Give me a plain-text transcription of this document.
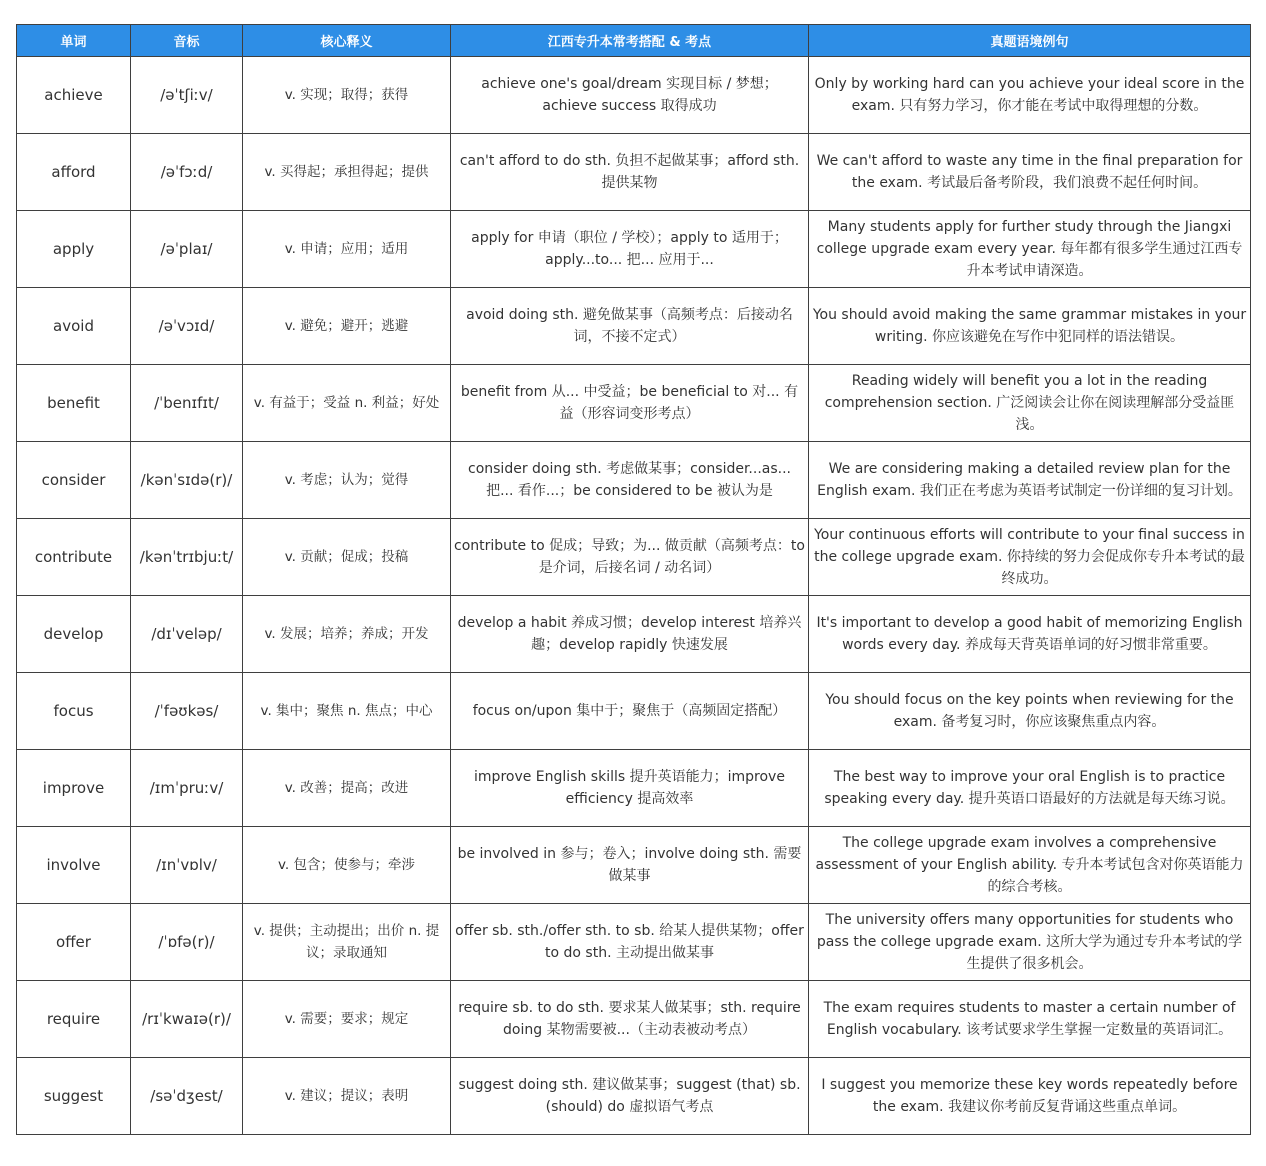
单词	音标	核心释义	江西专升本常考搭配 & 考点	真题语境例句
achieve	/əˈtʃiːv/	v. 实现；取得；获得	achieve one's goal/dream 实现目标 / 梦想；achieve success 取得成功	Only by working hard can you achieve your ideal score in the exam. 只有努力学习，你才能在考试中取得理想的分数。
afford	/əˈfɔːd/	v. 买得起；承担得起；提供	can't afford to do sth. 负担不起做某事；afford sth. 提供某物	We can't afford to waste any time in the final preparation for the exam. 考试最后备考阶段，我们浪费不起任何时间。
apply	/əˈplaɪ/	v. 申请；应用；适用	apply for 申请（职位 / 学校）；apply to 适用于；apply...to... 把... 应用于...	Many students apply for further study through the Jiangxi college upgrade exam every year. 每年都有很多学生通过江西专升本考试申请深造。
avoid	/əˈvɔɪd/	v. 避免；避开；逃避	avoid doing sth. 避免做某事（高频考点：后接动名词，不接不定式）	You should avoid making the same grammar mistakes in your writing. 你应该避免在写作中犯同样的语法错误。
benefit	/ˈbenɪfɪt/	v. 有益于；受益 n. 利益；好处	benefit from 从... 中受益；be beneficial to 对... 有益（形容词变形考点）	Reading widely will benefit you a lot in the reading comprehension section. 广泛阅读会让你在阅读理解部分受益匪浅。
consider	/kənˈsɪdə(r)/	v. 考虑；认为；觉得	consider doing sth. 考虑做某事；consider...as... 把... 看作...；be considered to be 被认为是	We are considering making a detailed review plan for the English exam. 我们正在考虑为英语考试制定一份详细的复习计划。
contribute	/kənˈtrɪbjuːt/	v. 贡献；促成；投稿	contribute to 促成；导致；为... 做贡献（高频考点：to 是介词，后接名词 / 动名词）	Your continuous efforts will contribute to your final success in the college upgrade exam. 你持续的努力会促成你专升本考试的最终成功。
develop	/dɪˈveləp/	v. 发展；培养；养成；开发	develop a habit 养成习惯；develop interest 培养兴趣；develop rapidly 快速发展	It's important to develop a good habit of memorizing English words every day. 养成每天背英语单词的好习惯非常重要。
focus	/ˈfəʊkəs/	v. 集中；聚焦 n. 焦点；中心	focus on/upon 集中于；聚焦于（高频固定搭配）	You should focus on the key points when reviewing for the exam. 备考复习时，你应该聚焦重点内容。
improve	/ɪmˈpruːv/	v. 改善；提高；改进	improve English skills 提升英语能力；improve efficiency 提高效率	The best way to improve your oral English is to practice speaking every day. 提升英语口语最好的方法就是每天练习说。
involve	/ɪnˈvɒlv/	v. 包含；使参与；牵涉	be involved in 参与；卷入；involve doing sth. 需要做某事	The college upgrade exam involves a comprehensive assessment of your English ability. 专升本考试包含对你英语能力的综合考核。
offer	/ˈɒfə(r)/	v. 提供；主动提出；出价 n. 提议；录取通知	offer sb. sth./offer sth. to sb. 给某人提供某物；offer to do sth. 主动提出做某事	The university offers many opportunities for students who pass the college upgrade exam. 这所大学为通过专升本考试的学生提供了很多机会。
require	/rɪˈkwaɪə(r)/	v. 需要；要求；规定	require sb. to do sth. 要求某人做某事；sth. require doing 某物需要被...（主动表被动考点）	The exam requires students to master a certain number of English vocabulary. 该考试要求学生掌握一定数量的英语词汇。
suggest	/səˈdʒest/	v. 建议；提议；表明	suggest doing sth. 建议做某事；suggest (that) sb. (should) do 虚拟语气考点	I suggest you memorize these key words repeatedly before the exam. 我建议你考前反复背诵这些重点单词。
